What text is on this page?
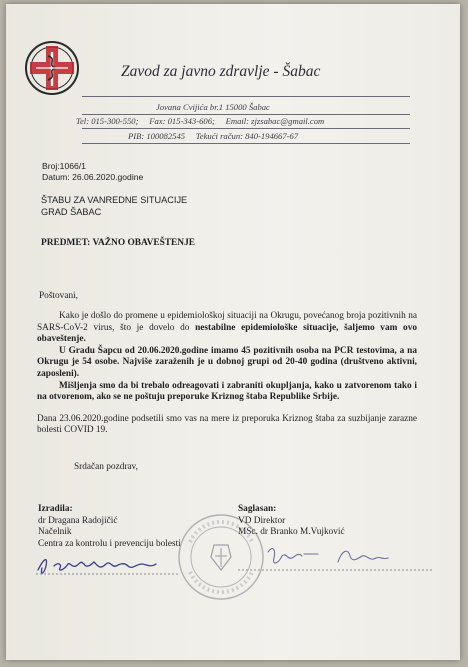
Zavod za javno zdravlje - Šabac
Jovana Cvijića br.1 15000 Šabac
Tel: 015-300-550; Fax: 015-343-606; Email: zjzsabac@gmail.com
PIB: 100082545 Tekući račun: 840-194667-67
Broj:1066/1
Datum: 26.06.2020.godine
ŠTABU ZA VANREDNE SITUACIJE
GRAD ŠABAC
PREDMET: VAŽNO OBAVEŠTENJE
Poštovani,

Kako je došlo do promene u epidemiološkoj situaciji na Okrugu, povećanog broja pozitivnih na SARS-CoV-2 virus, što je dovelo do nestabilne epidemiološke situacije, šaljemo vam ovo obaveštenje.

U Gradu Šapcu od 20.06.2020.godine imamo 45 pozitivnih osoba na PCR testovima, a na Okrugu je 54 osobe. Najviše zaraženih je u dobnoj grupi od 20-40 godina (društveno aktivni, zaposleni).

Mišljenja smo da bi trebalo odreagovati i zabraniti okupljanja, kako u zatvorenom tako i na otvorenom, ako se ne poštuju preporuke Kriznog štaba Republike Srbije.

Dana 23.06.2020.godine podsetili smo vas na mere iz preporuka Kriznog štaba za suzbijanje zarazne bolesti COVID 19.

Srdačan pozdrav,
Izradila:
dr Dragana Radojičić
Načelnik
Centra za kontrolu i prevenciju bolesti
Saglasan:
VD Direktor
MSc. dr Branko M.Vujković
